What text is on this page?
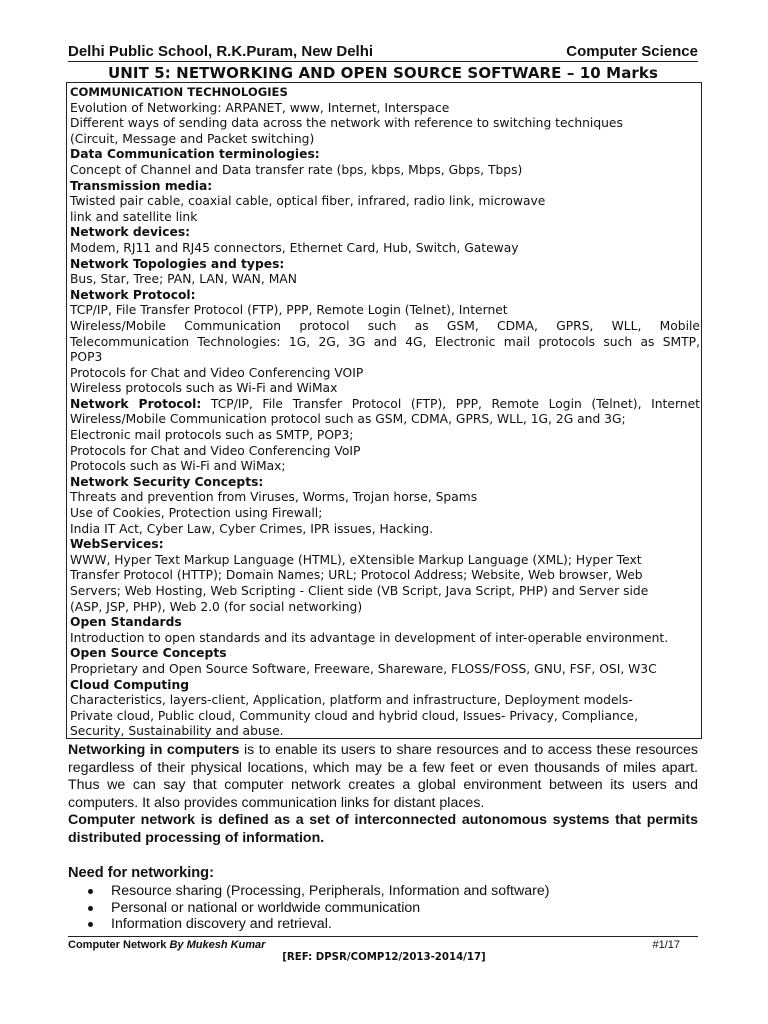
Delhi Public School, R.K.Puram, New Delhi	Computer Science
UNIT 5: NETWORKING AND OPEN SOURCE SOFTWARE – 10 Marks
COMMUNICATION TECHNOLOGIES
Evolution of Networking: ARPANET, www, Internet, Interspace
Different ways of sending data across the network with reference to switching techniques
(Circuit, Message and Packet switching)
Data Communication terminologies:
Concept of Channel and Data transfer rate (bps, kbps, Mbps, Gbps, Tbps)
Transmission media:
Twisted pair cable, coaxial cable, optical fiber, infrared, radio link, microwave
link and satellite link
Network devices:
Modem, RJ11 and RJ45 connectors, Ethernet Card, Hub, Switch, Gateway
Network Topologies and types:
Bus, Star, Tree; PAN, LAN, WAN, MAN
Network Protocol:
TCP/IP, File Transfer Protocol (FTP), PPP, Remote Login (Telnet), Internet
Wireless/Mobile Communication protocol such as GSM, CDMA, GPRS, WLL, Mobile
Telecommunication Technologies: 1G, 2G, 3G and 4G, Electronic mail protocols such as SMTP,
POP3
Protocols for Chat and Video Conferencing VOIP
Wireless protocols such as Wi-Fi and WiMax
Network Protocol: TCP/IP, File Transfer Protocol (FTP), PPP, Remote Login (Telnet), Internet
Wireless/Mobile Communication protocol such as GSM, CDMA, GPRS, WLL, 1G, 2G and 3G;
Electronic mail protocols such as SMTP, POP3;
Protocols for Chat and Video Conferencing VoIP
Protocols such as Wi-Fi and WiMax;
Network Security Concepts:
Threats and prevention from Viruses, Worms, Trojan horse, Spams
Use of Cookies, Protection using Firewall;
India IT Act, Cyber Law, Cyber Crimes, IPR issues, Hacking.
WebServices:
WWW, Hyper Text Markup Language (HTML), eXtensible Markup Language (XML); Hyper Text
Transfer Protocol (HTTP); Domain Names; URL; Protocol Address; Website, Web browser, Web
Servers; Web Hosting, Web Scripting - Client side (VB Script, Java Script, PHP) and Server side
(ASP, JSP, PHP), Web 2.0 (for social networking)
Open Standards
Introduction to open standards and its advantage in development of inter-operable environment.
Open Source Concepts
Proprietary and Open Source Software, Freeware, Shareware, FLOSS/FOSS, GNU, FSF, OSI, W3C
Cloud Computing
Characteristics, layers-client, Application, platform and infrastructure, Deployment models-
Private cloud, Public cloud, Community cloud and hybrid cloud, Issues- Privacy, Compliance,
Security, Sustainability and abuse.
Networking in computers is to enable its users to share resources and to access these resources regardless of their physical locations, which may be a few feet or even thousands of miles apart. Thus we can say that computer network creates a global environment between its users and computers. It also provides communication links for distant places.
Computer network is defined as a set of interconnected autonomous systems that permits distributed processing of information.
Need for networking:
Resource sharing (Processing, Peripherals, Information and software)
Personal or national or worldwide communication
Information discovery and retrieval.
Computer Network By Mukesh Kumar	#1/17
[REF: DPSR/COMP12/2013-2014/17]
